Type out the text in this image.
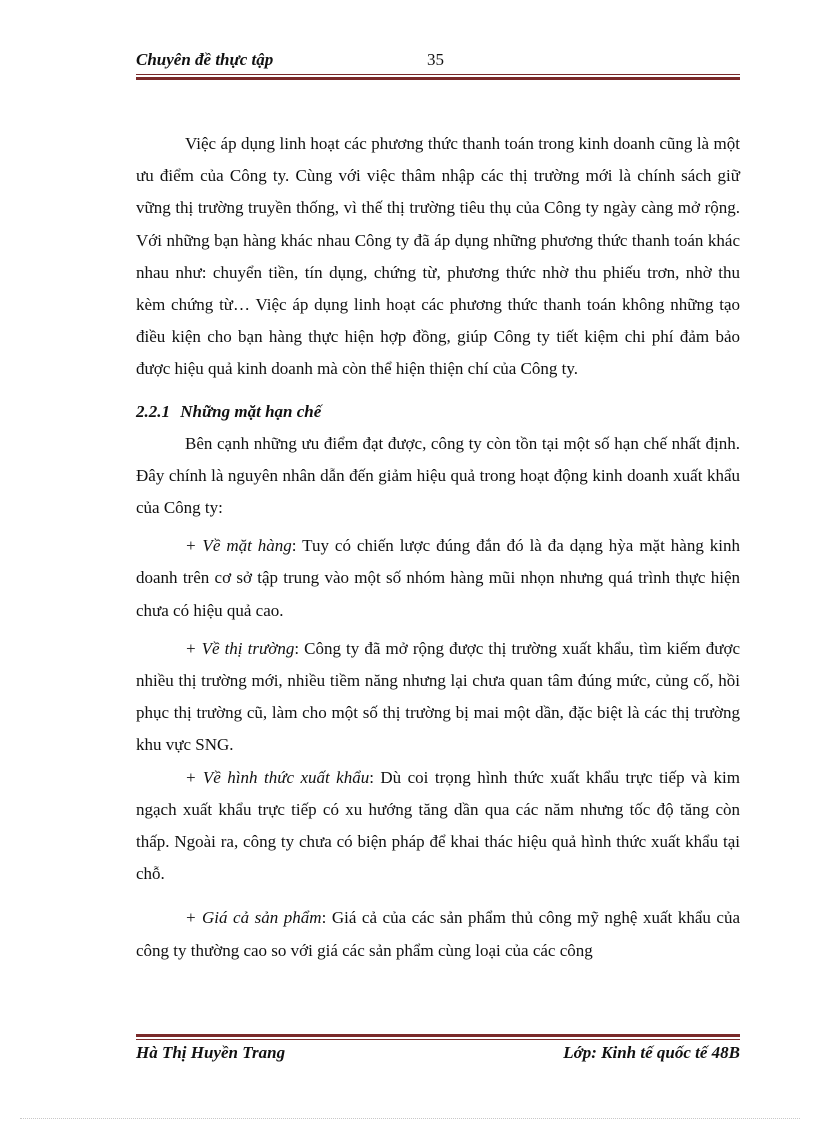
Chuyên đề thực tập	35

Việc áp dụng linh hoạt các phương thức thanh toán trong kinh doanh cũng là một ưu điểm của Công ty. Cùng với việc thâm nhập các thị trường mới là chính sách giữ vững thị trường truyền thống, vì thế thị trường tiêu thụ của Công ty ngày càng mở rộng. Với những bạn hàng khác nhau Công ty đã áp dụng những phương thức thanh toán khác nhau như: chuyển tiền, tín dụng, chứng từ, phương thức nhờ thu phiếu trơn, nhờ thu kèm chứng từ… Việc áp dụng linh hoạt các phương thức thanh toán không những tạo điều kiện cho bạn hàng thực hiện hợp đồng, giúp Công ty tiết kiệm chi phí đảm bảo được hiệu quả kinh doanh mà còn thể hiện thiện chí của Công ty.

2.2.1 Những mặt hạn chế

Bên cạnh những ưu điểm đạt được, công ty còn tồn tại một số hạn chế nhất định. Đây chính là nguyên nhân dẫn đến giảm hiệu quả trong hoạt động kinh doanh xuất khẩu của Công ty:

+ Về mặt hàng: Tuy có chiến lược đúng đắn đó là đa dạng hỳa mặt hàng kinh doanh trên cơ sở tập trung vào một số nhóm hàng mũi nhọn nhưng quá trình thực hiện chưa có hiệu quả cao.

+ Về thị trường: Công ty đã mở rộng được thị trường xuất khẩu, tìm kiếm được nhiều thị trường mới, nhiều tiềm năng nhưng lại chưa quan tâm đúng mức, củng cố, hồi phục thị trường cũ, làm cho một số thị trường bị mai một dần, đặc biệt là các thị trường khu vực SNG.

+ Về hình thức xuất khẩu: Dù coi trọng hình thức xuất khẩu trực tiếp và kim ngạch xuất khẩu trực tiếp có xu hướng tăng dần qua các năm nhưng tốc độ tăng còn thấp. Ngoài ra, công ty chưa có biện pháp để khai thác hiệu quả hình thức xuất khẩu tại chỗ.

+ Giá cả sản phẩm: Giá cả của các sản phẩm thủ công mỹ nghệ xuất khẩu của công ty thường cao so với giá các sản phẩm cùng loại của các công

Hà Thị Huyền Trang	Lớp: Kinh tế quốc tế 48B
